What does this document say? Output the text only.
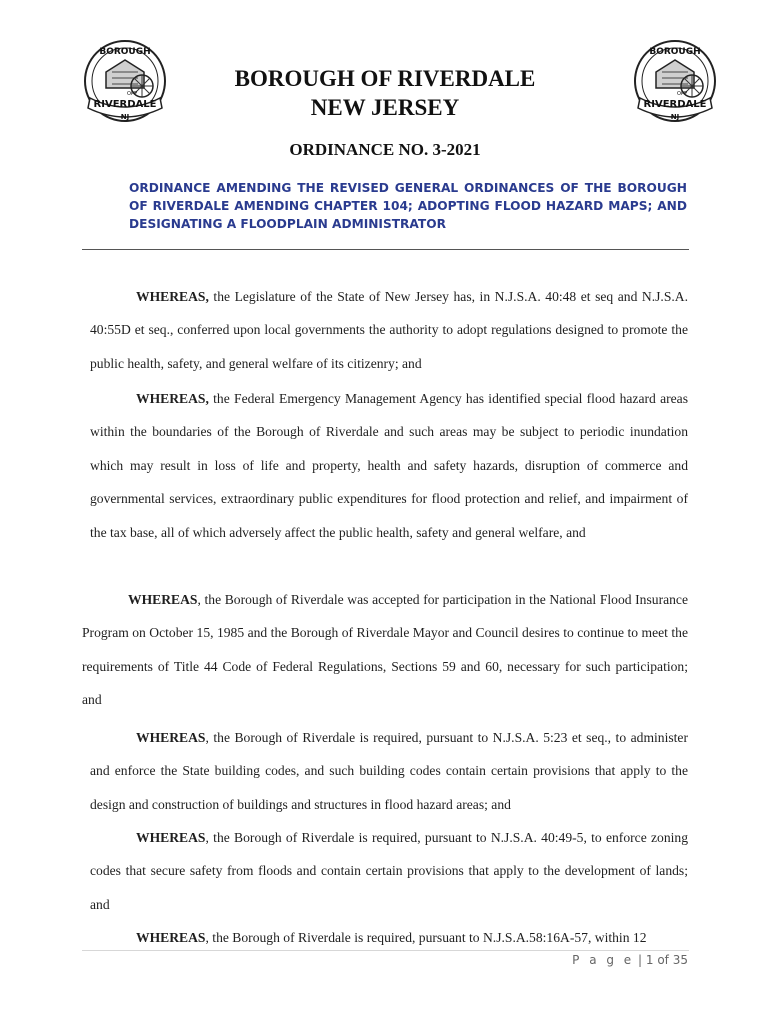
BOROUGH
RIVERDALE
NJ
OPP
BOROUGH
RIVERDALE
NJ
OPP
BOROUGH OF RIVERDALE
NEW JERSEY
ORDINANCE NO. 3-2021
ORDINANCE AMENDING THE REVISED GENERAL ORDINANCES OF THE BOROUGH OF RIVERDALE AMENDING CHAPTER 104; ADOPTING FLOOD HAZARD MAPS; AND DESIGNATING A FLOODPLAIN ADMINISTRATOR
WHEREAS, the Legislature of the State of New Jersey has, in N.J.S.A. 40:48 et seq and N.J.S.A. 40:55D et seq., conferred upon local governments the authority to adopt regulations designed to promote the public health, safety, and general welfare of its citizenry; and
WHEREAS, the Federal Emergency Management Agency has identified special flood hazard areas within the boundaries of the Borough of Riverdale and such areas may be subject to periodic inundation which may result in loss of life and property, health and safety hazards, disruption of commerce and governmental services, extraordinary public expenditures for flood protection and relief, and impairment of the tax base, all of which adversely affect the public health, safety and general welfare, and
WHEREAS, the Borough of Riverdale was accepted for participation in the National Flood Insurance Program on October 15, 1985 and the Borough of Riverdale Mayor and Council desires to continue to meet the requirements of Title 44 Code of Federal Regulations, Sections 59 and 60, necessary for such participation; and
WHEREAS, the Borough of Riverdale is required, pursuant to N.J.S.A. 5:23 et seq., to administer and enforce the State building codes, and such building codes contain certain provisions that apply to the design and construction of buildings and structures in flood hazard areas; and
WHEREAS, the Borough of Riverdale is required, pursuant to N.J.S.A. 40:49-5, to enforce zoning codes that secure safety from floods and contain certain provisions that apply to the development of lands; and
WHEREAS, the Borough of Riverdale is required, pursuant to N.J.S.A.58:16A-57, within 12
P a g e | 1 of 35
